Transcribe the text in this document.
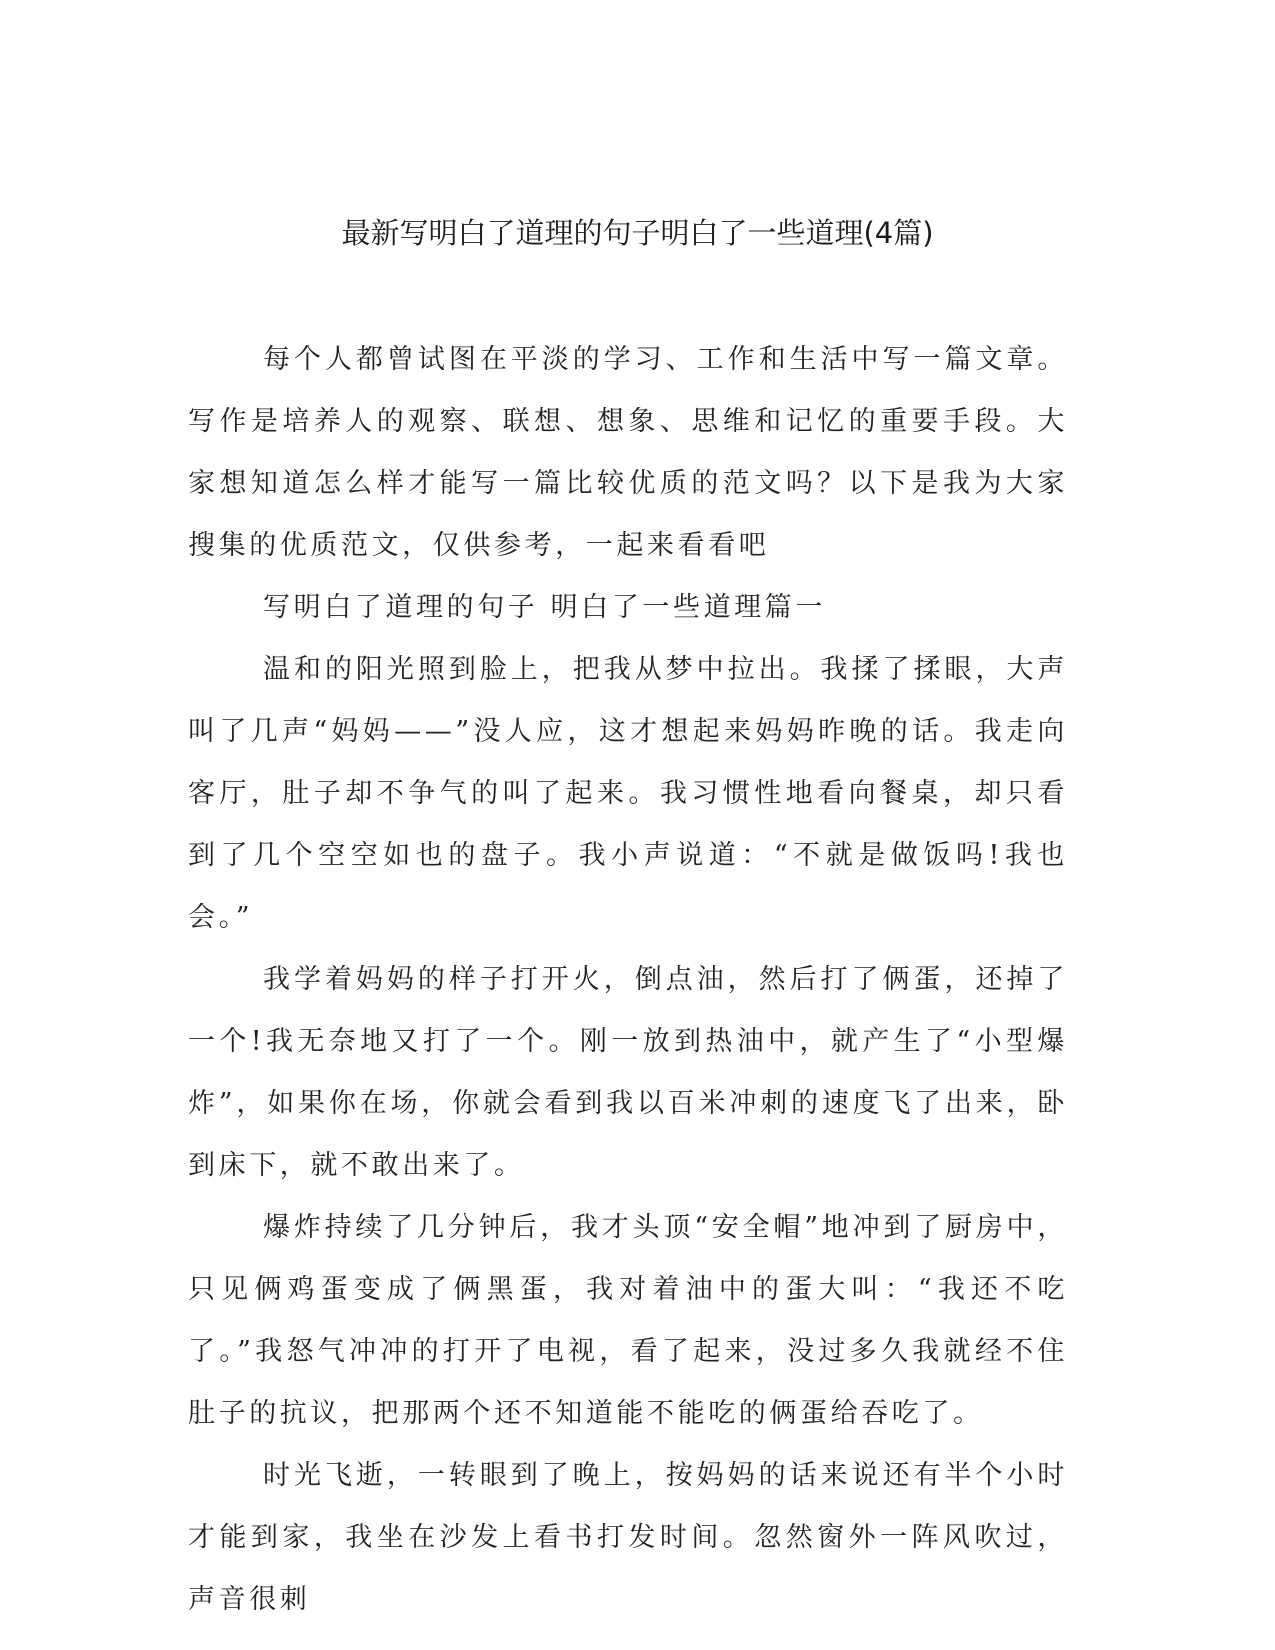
最新写明白了道理的句子明白了一些道理(4篇)

每个人都曾试图在平淡的学习、工作和生活中写一篇文章。写作是培养人的观察、联想、想象、思维和记忆的重要手段。大家想知道怎么样才能写一篇比较优质的范文吗？以下是我为大家搜集的优质范文，仅供参考，一起来看看吧

写明白了道理的句子 明白了一些道理篇一

温和的阳光照到脸上，把我从梦中拉出。我揉了揉眼，大声叫了几声“妈妈——”没人应，这才想起来妈妈昨晚的话。我走向客厅，肚子却不争气的叫了起来。我习惯性地看向餐桌，却只看到了几个空空如也的盘子。我小声说道：“不就是做饭吗!我也会。”

我学着妈妈的样子打开火，倒点油，然后打了俩蛋，还掉了一个!我无奈地又打了一个。刚一放到热油中，就产生了“小型爆炸”，如果你在场，你就会看到我以百米冲刺的速度飞了出来，卧到床下，就不敢出来了。

爆炸持续了几分钟后，我才头顶“安全帽”地冲到了厨房中，只见俩鸡蛋变成了俩黑蛋，我对着油中的蛋大叫：“我还不吃了。”我怒气冲冲的打开了电视，看了起来，没过多久我就经不住肚子的抗议，把那两个还不知道能不能吃的俩蛋给吞吃了。

时光飞逝，一转眼到了晚上，按妈妈的话来说还有半个小时才能到家，我坐在沙发上看书打发时间。忽然窗外一阵风吹过，声音很刺
